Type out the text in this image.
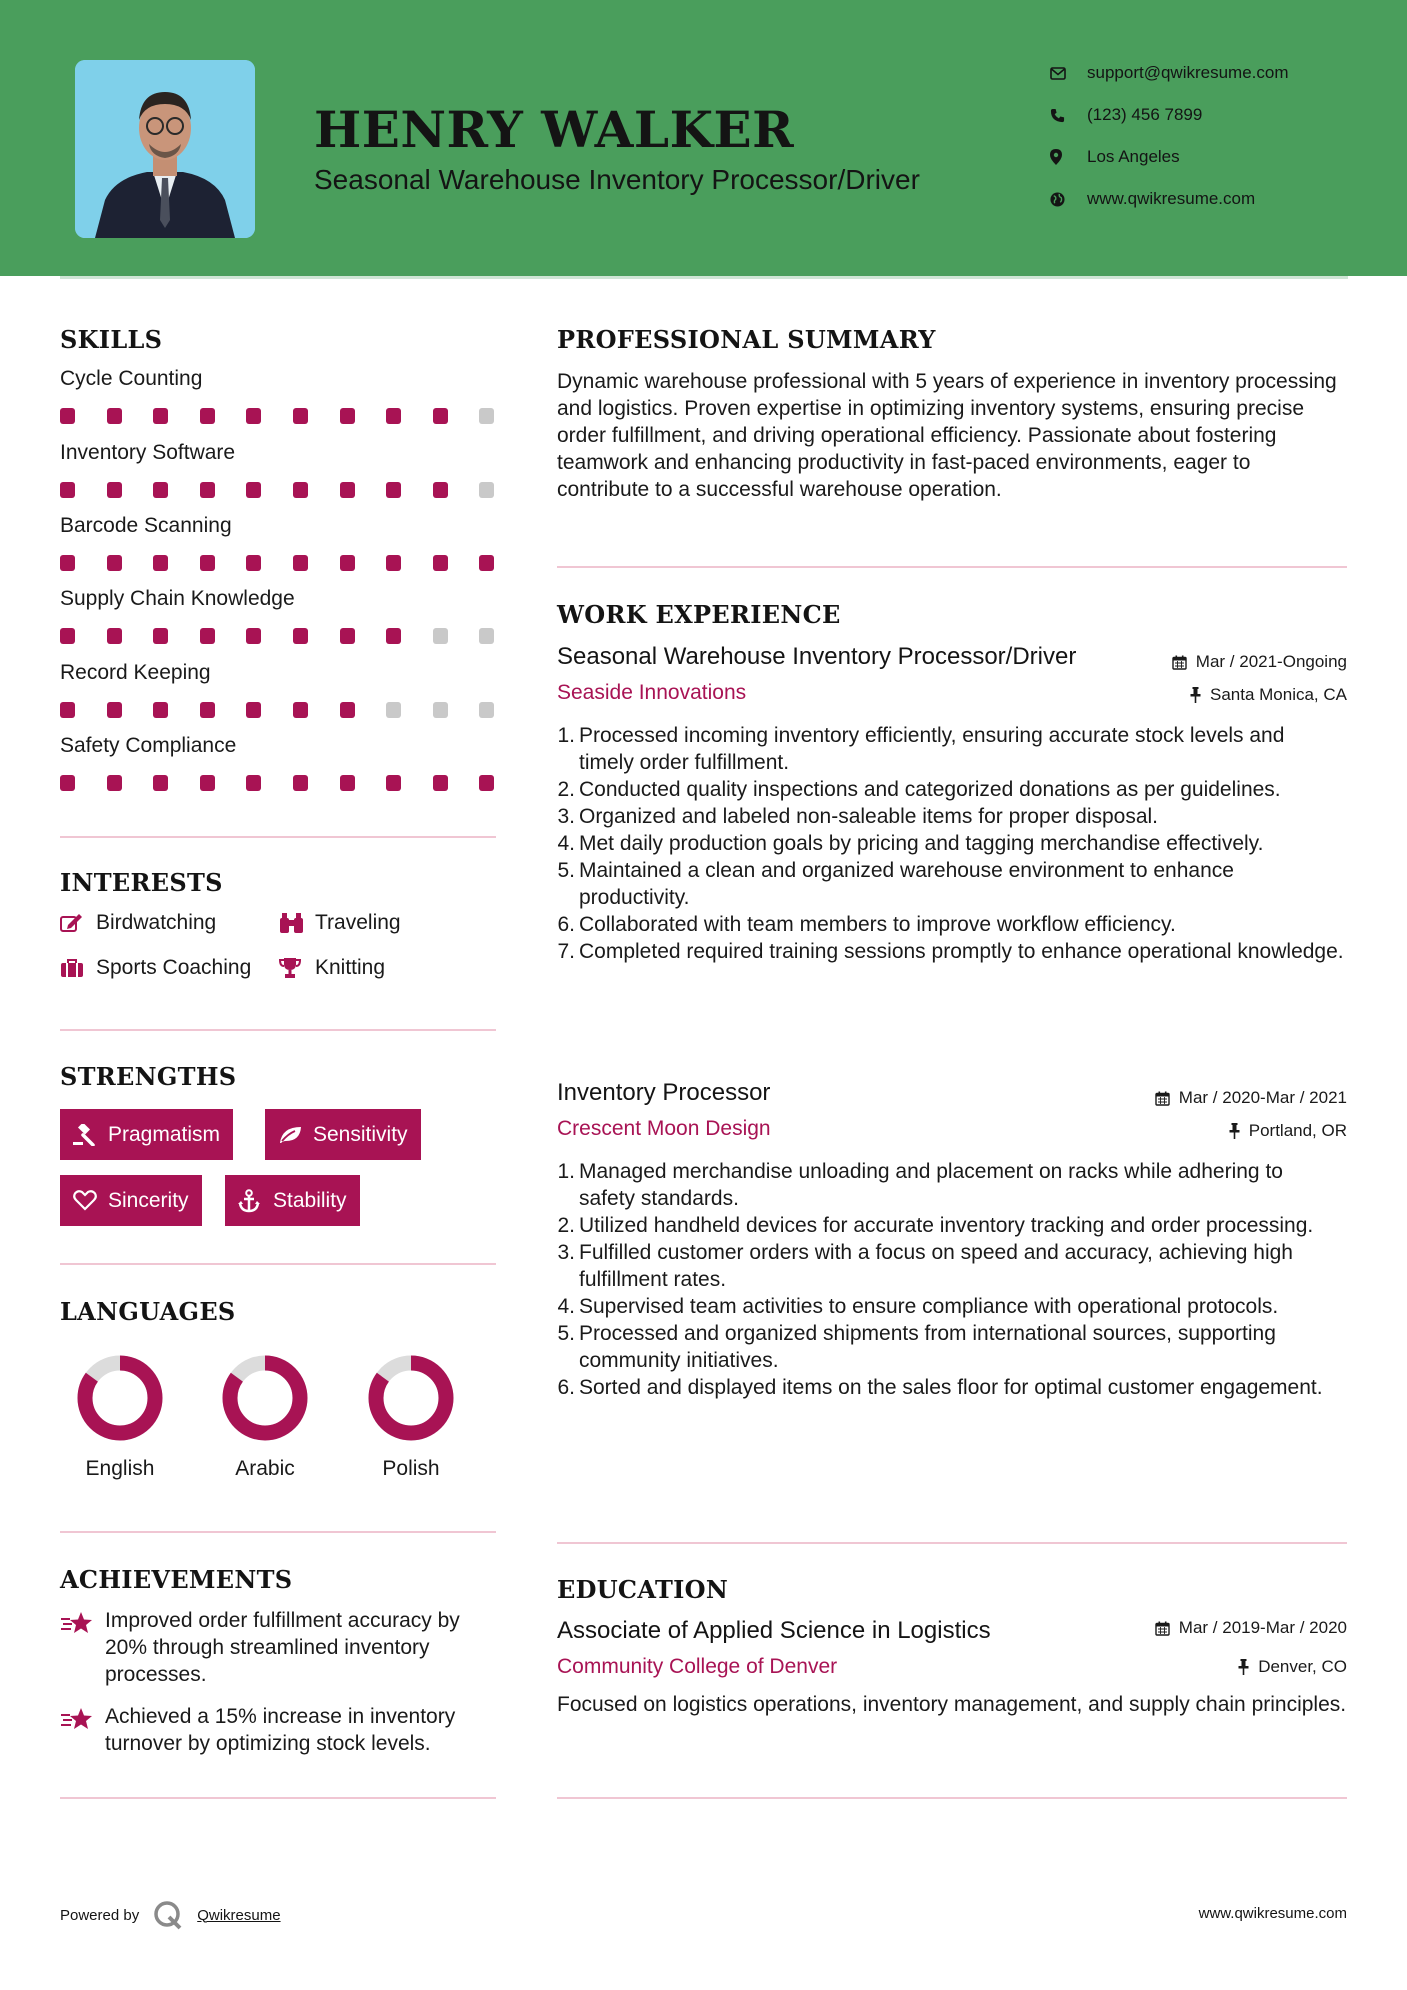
HENRY WALKER
Seasonal Warehouse Inventory Processor/Driver
support@qwikresume.com
(123) 456 7899
Los Angeles
www.qwikresume.com
SKILLS
Cycle Counting
Inventory Software
Barcode Scanning
Supply Chain Knowledge
Record Keeping
Safety Compliance
INTERESTS
Birdwatching	Traveling
Sports Coaching	Knitting
STRENGTHS
Pragmatism	Sensitivity
Sincerity	Stability
LANGUAGES
English	Arabic	Polish
ACHIEVEMENTS
Improved order fulfillment accuracy by 20% through streamlined inventory processes.
Achieved a 15% increase in inventory turnover by optimizing stock levels.
PROFESSIONAL SUMMARY
Dynamic warehouse professional with 5 years of experience in inventory processing and logistics. Proven expertise in optimizing inventory systems, ensuring precise order fulfillment, and driving operational efficiency. Passionate about fostering teamwork and enhancing productivity in fast-paced environments, eager to contribute to a successful warehouse operation.
WORK EXPERIENCE
Seasonal Warehouse Inventory Processor/Driver	Mar / 2021-Ongoing
Seaside Innovations	Santa Monica, CA
1. Processed incoming inventory efficiently, ensuring accurate stock levels and timely order fulfillment.
2. Conducted quality inspections and categorized donations as per guidelines.
3. Organized and labeled non-saleable items for proper disposal.
4. Met daily production goals by pricing and tagging merchandise effectively.
5. Maintained a clean and organized warehouse environment to enhance productivity.
6. Collaborated with team members to improve workflow efficiency.
7. Completed required training sessions promptly to enhance operational knowledge.
Inventory Processor	Mar / 2020-Mar / 2021
Crescent Moon Design	Portland, OR
1. Managed merchandise unloading and placement on racks while adhering to safety standards.
2. Utilized handheld devices for accurate inventory tracking and order processing.
3. Fulfilled customer orders with a focus on speed and accuracy, achieving high fulfillment rates.
4. Supervised team activities to ensure compliance with operational protocols.
5. Processed and organized shipments from international sources, supporting community initiatives.
6. Sorted and displayed items on the sales floor for optimal customer engagement.
EDUCATION
Associate of Applied Science in Logistics	Mar / 2019-Mar / 2020
Community College of Denver	Denver, CO
Focused on logistics operations, inventory management, and supply chain principles.
Powered by	Qwikresume	www.qwikresume.com
